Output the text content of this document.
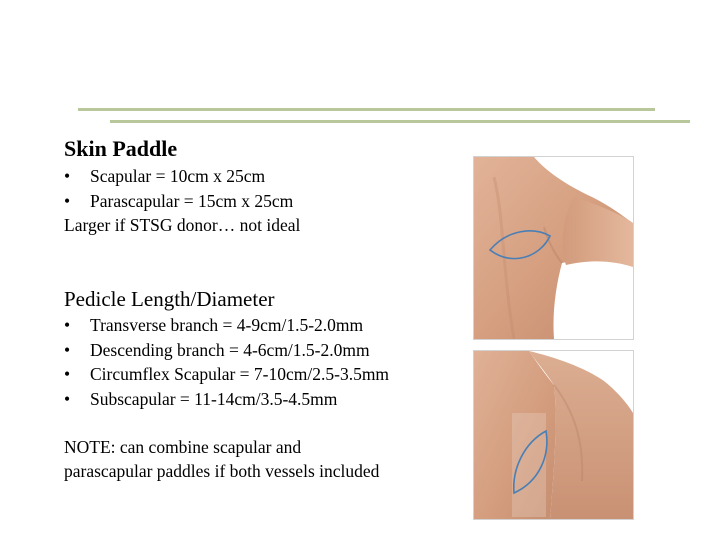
Skin Paddle

• Scapular = 10cm x 25cm
• Parascapular = 15cm x 25cm

Larger if STSG donor… not ideal

Pedicle Length/Diameter

• Transverse branch = 4-9cm/1.5-2.0mm
• Descending branch = 4-6cm/1.5-2.0mm
• Circumflex Scapular = 7-10cm/2.5-3.5mm
• Subscapular = 11-14cm/3.5-4.5mm

NOTE: can combine scapular and

parascapular paddles if both vessels included
